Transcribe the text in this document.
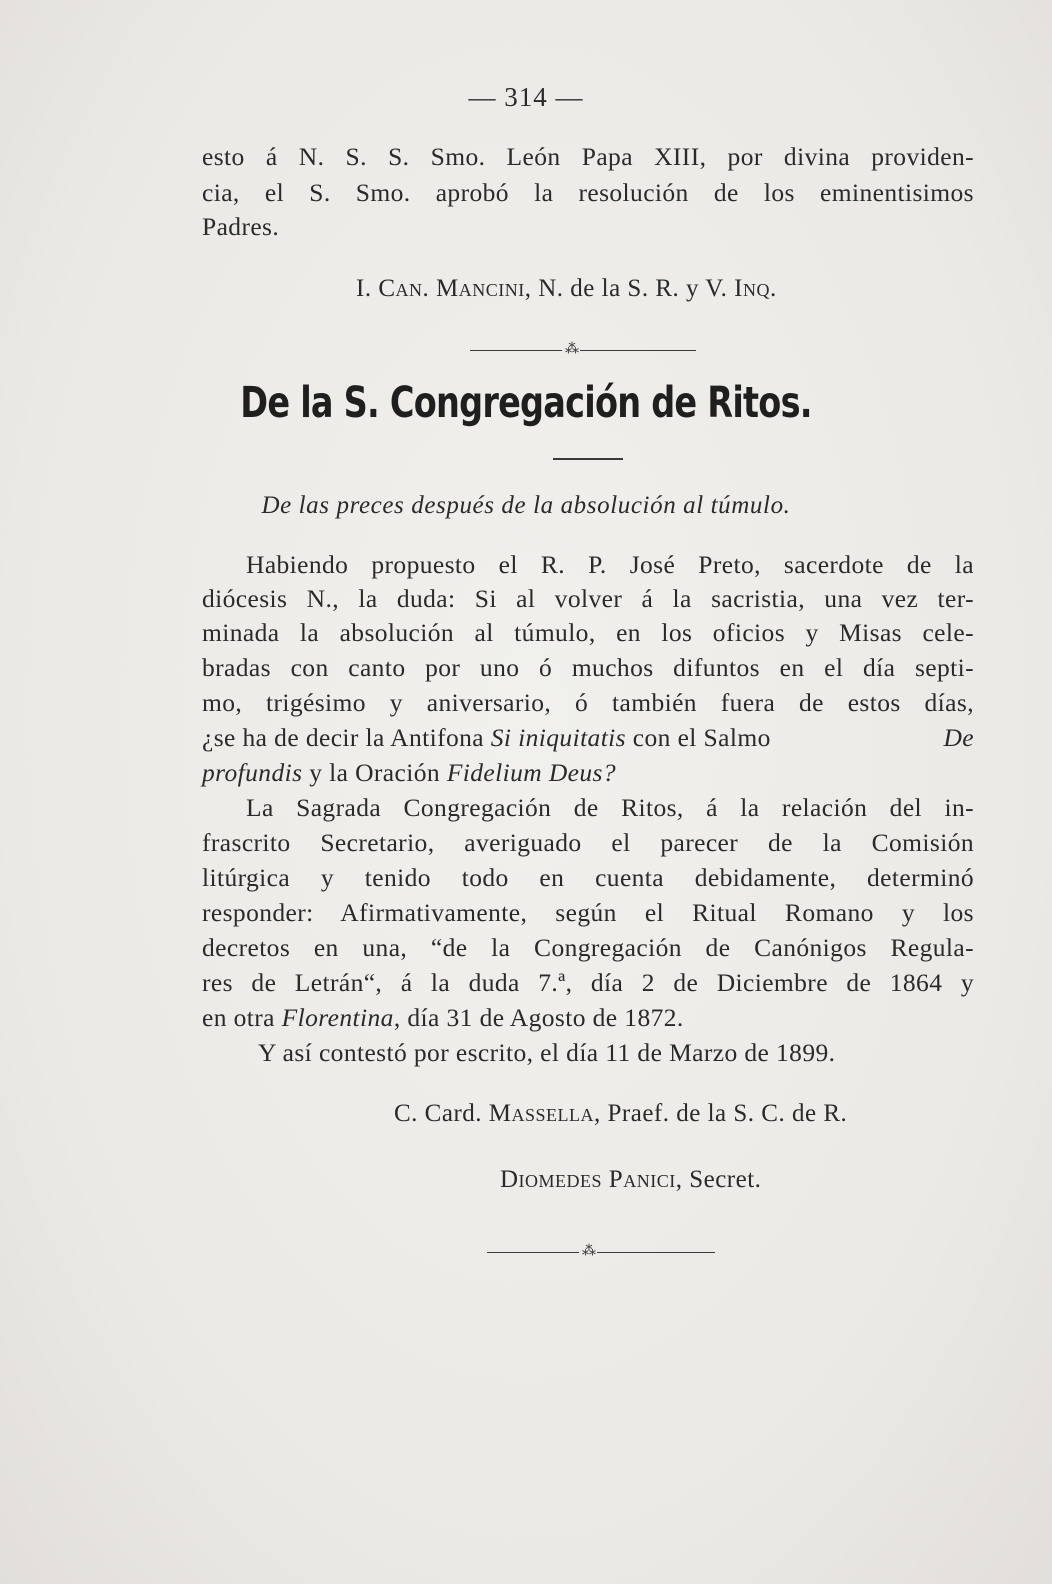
— 314 —
esto á N. S. S. Smo. León Papa XIII, por divina providen-
cia, el S. Smo. aprobó la resolución de los eminentisimos
Padres.
I. Can. Mancini, N. de la S. R. y V. Inq.
⁂
De la S. Congregación de Ritos.
De las preces después de la absolución al túmulo.
Habiendo propuesto el R. P. José Preto, sacerdote de la
diócesis N., la duda: Si al volver á la sacristia, una vez ter-
minada la absolución al túmulo, en los oficios y Misas cele-
bradas con canto por uno ó muchos difuntos en el día septi-
mo, trigésimo y aniversario, ó también fuera de estos días,
¿se ha de decir la Antifona Si iniquitatis con el Salmo	De
profundis y la Oración Fidelium Deus?
La Sagrada Congregación de Ritos, á la relación del in-
frascrito Secretario, averiguado el parecer de la Comisión
litúrgica y tenido todo en cuenta debidamente, determinó
responder: Afirmativamente, según el Ritual Romano y los
decretos en una, “de la Congregación de Canónigos Regula-
res de Letrán“, á la duda 7.ª, día 2 de Diciembre de 1864 y
en otra Florentina, día 31 de Agosto de 1872.
Y así contestó por escrito, el día 11 de Marzo de 1899.
C. Card. Massella, Praef. de la S. C. de R.
Diomedes Panici, Secret.
⁂
